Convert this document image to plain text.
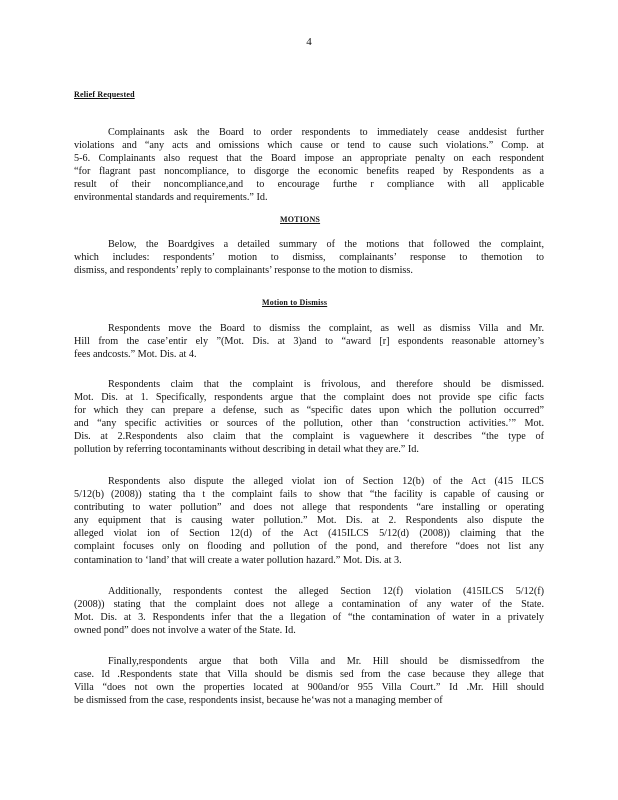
4
Relief Requested
MOTIONS
Motion to Dismiss
Complainants ask the Board to order respondents to immediately cease anddesist further
violations and “any acts and omissions which cause or tend to cause such violations.” Comp. at
5-6. Complainants also request that the Board impose an appropriate penalty on each respondent
“for flagrant past noncompliance, to disgorge the economic benefits reaped by Respondents as a
result of their noncompliance,and to encourage furthe r compliance with all applicable
environmental standards and requirements.” Id.
Below, the Boardgives a detailed summary of the motions that followed the complaint,
which includes: respondents’ motion to dismiss, complainants’ response to themotion to
dismiss, and respondents’ reply to complainants’ response to the motion to dismiss.
Respondents move the Board to dismiss the complaint, as well as dismiss Villa and Mr.
Hill from the case’entir ely ”(Mot. Dis. at 3)and to “award [r] espondents reasonable attorney’s
fees andcosts.” Mot. Dis. at 4.
Respondents claim that the complaint is frivolous, and therefore should be dismissed.
Mot. Dis. at 1. Specifically, respondents argue that the complaint does not provide spe cific facts
for which they can prepare a defense, such as “specific dates upon which the pollution occurred”
and “any specific activities or sources of the pollution, other than ‘construction activities.’” Mot.
Dis. at 2.Respondents also claim that the complaint is vaguewhere it describes “the type of
pollution by referring tocontaminants without describing in detail what they are.” Id.
Respondents also dispute the alleged violat ion of Section 12(b) of the Act (415 ILCS
5/12(b) (2008)) stating tha t the complaint fails to show that “the facility is capable of causing or
contributing to water pollution” and does not allege that respondents “are installing or operating
any equipment that is causing water pollution.” Mot. Dis. at 2. Respondents also dispute the
alleged violat ion of Section 12(d) of the Act (415ILCS 5/12(d) (2008)) claiming that the
complaint focuses only on flooding and pollution of the pond, and therefore “does not list any
contamination to ‘land’ that will create a water pollution hazard.” Mot. Dis. at 3.
Additionally, respondents contest the alleged Section 12(f) violation (415ILCS 5/12(f)
(2008)) stating that the complaint does not allege a contamination of any water of the State.
Mot. Dis. at 3. Respondents infer that the a llegation of “the contamination of water in a privately
owned pond” does not involve a water of the State. Id.
Finally,respondents argue that both Villa and Mr. Hill should be dismissedfrom the
case. Id .Respondents state that Villa should be dismis sed from the case because they allege that
Villa “does not own the properties located at 900and/or 955 Villa Court.” Id .Mr. Hill should
be dismissed from the case, respondents insist, because he‘was not a managing member of
